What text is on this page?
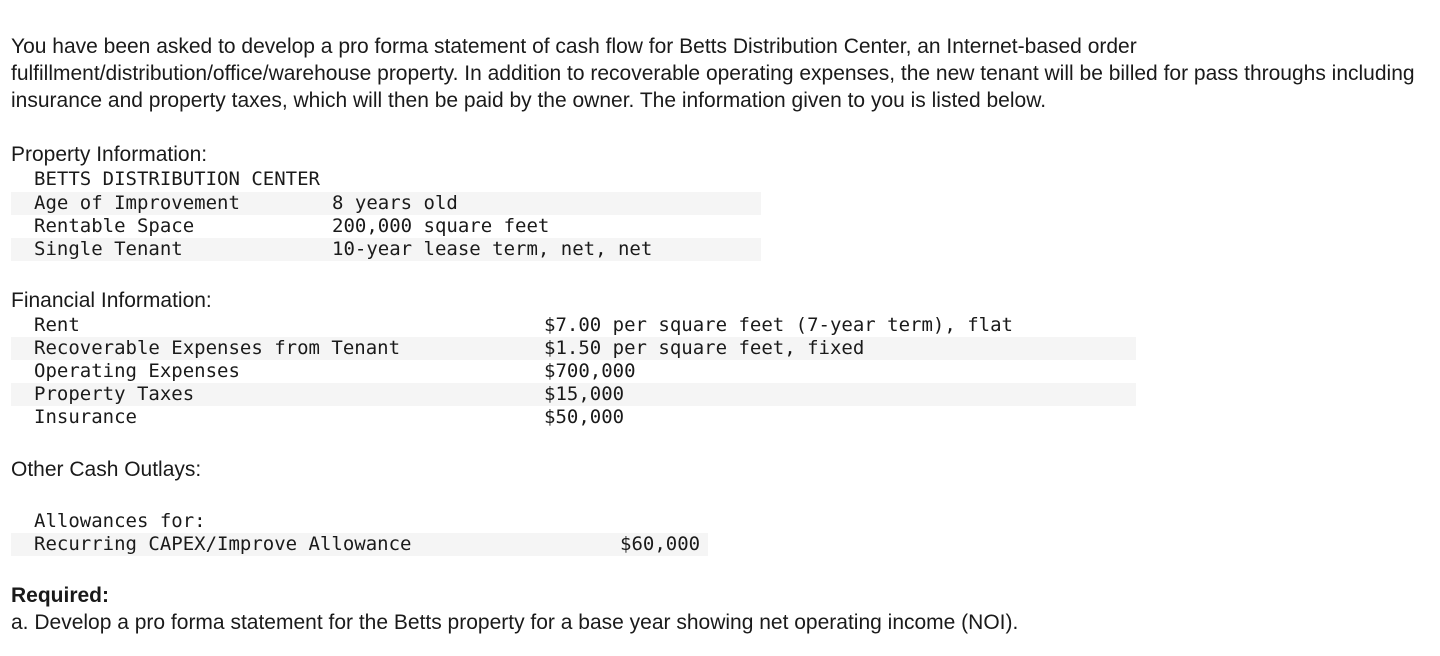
You have been asked to develop a pro forma statement of cash flow for Betts Distribution Center, an Internet-based order fulfillment/distribution/office/warehouse property. In addition to recoverable operating expenses, the new tenant will be billed for pass throughs including insurance and property taxes, which will then be paid by the owner. The information given to you is listed below.

Property Information:

BETTS DISTRIBUTION CENTER

Age of Improvement

	8 years old

Rentable Space

	200,000 square feet

Single Tenant

	10-year lease term, net, net

Financial Information:

Rent

	$7.00 per square feet (7-year term), flat

Recoverable Expenses from Tenant

	$1.50 per square feet, fixed

Operating Expenses

	$700,000

Property Taxes

	$15,000

Insurance

	$50,000

Other Cash Outlays:

Allowances for:

Recurring CAPEX/Improve Allowance

	$60,000

Required:

a. Develop a pro forma statement for the Betts property for a base year showing net operating income (NOI).
